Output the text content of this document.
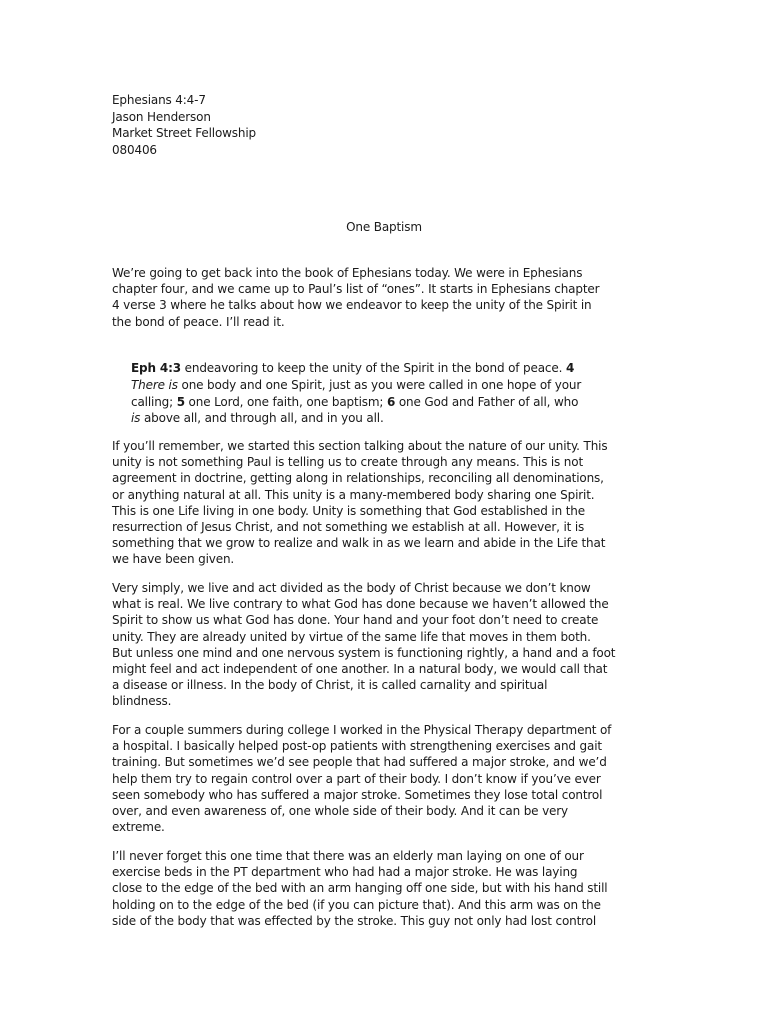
Ephesians 4:4-7
Jason Henderson
Market Street Fellowship
080406
One Baptism

We’re going to get back into the book of Ephesians today. We were in Ephesians
chapter four, and we came up to Paul’s list of “ones”. It starts in Ephesians chapter
4 verse 3 where he talks about how we endeavor to keep the unity of the Spirit in
the bond of peace. I’ll read it.

Eph 4:3 endeavoring to keep the unity of the Spirit in the bond of peace. 4
There is one body and one Spirit, just as you were called in one hope of your
calling; 5 one Lord, one faith, one baptism; 6 one God and Father of all, who
is above all, and through all, and in you all.

If you’ll remember, we started this section talking about the nature of our unity. This
unity is not something Paul is telling us to create through any means. This is not
agreement in doctrine, getting along in relationships, reconciling all denominations,
or anything natural at all. This unity is a many-membered body sharing one Spirit.
This is one Life living in one body. Unity is something that God established in the
resurrection of Jesus Christ, and not something we establish at all. However, it is
something that we grow to realize and walk in as we learn and abide in the Life that
we have been given.

Very simply, we live and act divided as the body of Christ because we don’t know
what is real. We live contrary to what God has done because we haven’t allowed the
Spirit to show us what God has done. Your hand and your foot don’t need to create
unity. They are already united by virtue of the same life that moves in them both.
But unless one mind and one nervous system is functioning rightly, a hand and a foot
might feel and act independent of one another. In a natural body, we would call that
a disease or illness. In the body of Christ, it is called carnality and spiritual
blindness.

For a couple summers during college I worked in the Physical Therapy department of
a hospital. I basically helped post-op patients with strengthening exercises and gait
training. But sometimes we’d see people that had suffered a major stroke, and we’d
help them try to regain control over a part of their body. I don’t know if you’ve ever
seen somebody who has suffered a major stroke. Sometimes they lose total control
over, and even awareness of, one whole side of their body. And it can be very
extreme.

I’ll never forget this one time that there was an elderly man laying on one of our
exercise beds in the PT department who had had a major stroke. He was laying
close to the edge of the bed with an arm hanging off one side, but with his hand still
holding on to the edge of the bed (if you can picture that). And this arm was on the
side of the body that was effected by the stroke. This guy not only had lost control
